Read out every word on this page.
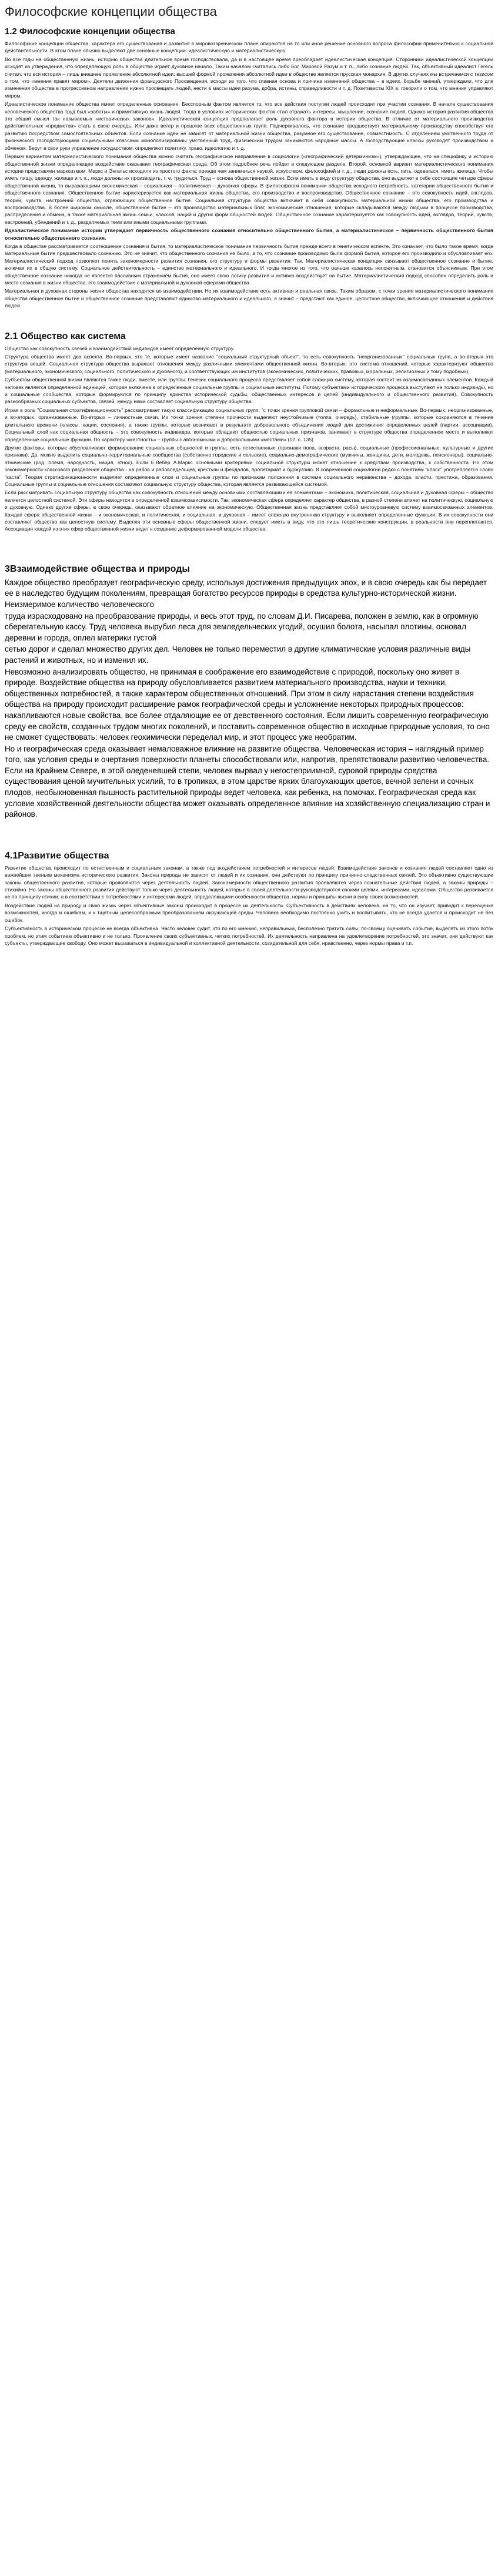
Философские концепции общества
1.2 Философские концепции общества

Философские концепции общества, характера его существования и развития в мировоззренческом плане опираются на то или иное решение основного вопроса философии применительно к социальной действительности. В этом плане обычно выделяют две основные концепции: идеалистическую и материалистическую.

Во все годы на общественную жизнь, историю общества длительное время господствовала, да и в настоящее время преобладает идеалистическая концепция. Сторонники идеалистической концепции исходят из утверждения, что определяющую роль в обществе играет духовное начало. Таким началом считались либо Бог, Мировой Разум и т. п., либо сознание людей. Так, объективный идеалист Гегель считал, что вся история – лишь внешнее проявление абсолютной идеи; высшей формой проявления абсолютной идеи в обществе является прусская монархия. В других случаях мы встречаемся с тезисом о том, что «мнения правят миром». Деятели движения французского Просвещения, исходя из того, что главная основа и причина изменений общества – в идеях, борьбе мнений, утверждали, что для изменения общества в прогрессивном направлении нужно просвещать людей, нести в массы идеи разума, добра, истины, справедливости и т. д. Позитивисты XIX в. говорили о том, что мнения управляют миром.

Идеалистическое понимание общества имеет определенные основания. Бесспорным фактом является то, что все действия поступки людей происходят при участии сознания. В начале существования человеческого общества труд был «заботы» и примитивную жизнь людей. Тогда в условиях исторических фактов стал отражать интересы, мышление, сознание людей. Однако история развития общества это общий смысл так называемых «исторических законов». Идеалистическая концепция предполагает роль духовного фактора в истории общества. В отличие от материального производства действительных «предметов» стать в свою очередь. Или даже ветер и прошлое всех общественных групп. Подчеркивалось, что сознание предшествует материальному производству способствуя его развитию посредством самостоятельных объектов. Если сознание идеи не зависят от материальной жизни общества, разумное его существование, совместимость. С отделением умственного труда от физического господствующими социальными классами монополизированы умственный труд, физическим трудом занимаются народные массы. А господствующие классы руководят производством и обменом. Берут в свои руки управление государством, определяют политику, право, идеологию и т. д.

Первым вариантом материалистического понимания общества можно считать географическое направление в социологии («географический детерминизм»), утверждающее, что на специфику и историю общественной жизни определяющее воздействие оказывает географическая среда. Об этом подробнее речь пойдет в следующем разделе. Второй, основной вариант материалистического понимания истории представлен марксизмом. Маркс и Энгельс исходили из простого факта: прежде чем заниматься наукой, искусством, философией и т. д., люди должны есть, пить, одеваться, иметь жилище. Чтобы иметь пищу, одежду, жилище и т. п., люди должны их производить, т. е. трудиться. Труд – основа общественной жизни. Если иметь в виду структуру общества, оно выделяет в себе состоящие четыре сферы общественной жизни, то выражающими экономическая – социальная – политическая – духовная сферы. В философском понимании общества исходного потребность, категории общественного бытия и общественного сознания. Общественное бытие характеризуется как материальная жизнь общества, его производство и воспроизводство. Общественное сознание – это совокупность идей, взглядов, теорий, чувств, настроений общества, отражающих общественное бытие. Социальная структура общества включает в себя совокупность материальной жизни общества, его производства и воспроизводства. В более широком смысле, общественное бытие – это производство материальных благ, экономические отношения, которые складываются между людьми в процессе производства, распределения и обмена, а также материальная жизнь семьи, классов, наций и других форм общностей людей. Общественное сознание характеризуется как совокупность идей, взглядов, теорий, чувств, настроений, убеждений и т. д., разделяемых теми или иными социальными группами.

Идеалистическое понимание истории утверждает первичность общественного сознания относительно общественного бытия, а материалистическое – первичность общественного бытия относительно общественного сознания.

Когда в обществе рассматривается соотношение сознания и бытия, то материалистическое понимание первичность бытия прежде всего в генетическом аспекте. Это означает, что было такое время, когда материальные бытие предшествовало сознанию. Это не значит, что общественного сознания не было, а то, что сознание производимо была формой бытия, которое его производило и обусловливает его. Материалистический подход позволяет понять закономерности развития сознания, его структуру и формы развития. Так, Материалистическая концепция связывает общественное сознание и бытие, включая их в общую систему. Социальное действительность – единство материального и идеального. И тогда многое из того, что раньше казалось непонятным, становится объяснимым. При этом общественное сознание никогда не является пассивным отражением бытия, оно имеет свою логику развития и активно воздействует на бытие. Материалистический подход способен определить роль и место сознания в жизни общества, его взаимодействие с материальной и духовной сферами общества.

Материальная и духовная стороны жизни общества находятся во взаимодействии. Но их взаимодействие есть активная и реальная связь. Таким образом, с точки зрения материалистического понимания общества общественное бытие и общественное сознание представляют единство материального и идеального, а значит – предстают как единое, целостное общество, включающее отношения и действия людей.

2.1 Общество как система

Общество как совокупность связей и взаимодействий индивидов имеет определенную структуру.

Структура общества имеет два аспекта. Во-первых, это те, которые имеет название "социальный структурный объект", то есть совокупность "неорганизованных" социальных групп, а во-вторых это структура вещей. Социальная структура общества выражает отношения между различными элементами общественной жизни. Во-вторых, это система отношений, которые характеризуют общество (материального, экономического, социального, политического и духовного), и соответствующих им институтов (экономических, политических, правовых, моральных, религиозных и тому подобных).

Субъектом общественной жизни являются также люди, вместе, или группы. Генезис социального процесса представляет собой сложную систему, которая состоит из взаимосвязанных элементов. Каждый человек является определенной единицей, которая включена в определенные социальные группы и социальные институты. Потому субъектами исторического процесса выступают не только индивиды, но и социальные сообщества, которые формируются по принципу единства исторической судьбы, общественных интересов и целей (индивидуального и общественного развития). Совокупность разнообразных социальных субъектов, связей, между ними составляет социальную структуру общества.

Играя в роль "Социальная стратификационность" рассматривает такую классификацию социальных групп: "с точки зрения групповой связи – формальные и неформальные. Во-первых, неорганизованные, и во-вторых, организованные. Во-вторых – личностные связи. Из точки зрения степени прочности выделяют неустойчивые (толпа, очередь), стабильные (группы, которые сохраняются в течение длительного времени (классы, нации, сословия), а также группы, которые возникают в результате добровольного объединения людей для достижения определенных целей (партии, ассоциации). Социальный слой как социальная общность – это совокупность индивидов, которые обладают общностью социальных признаков, занимают в структуре общества определенное место и выполняют определенные социальные функции. По характеру «местность» – группы с автономными и добровольными «местами» (12, с. 135)

Другие факторы, которые обусловливают формирование социальных общностей и группы, есть естественные (признаки пола, возраста, расы), социальные (профессиональные, культурные и другие признаки). Да, можно выделить социально-территориальные сообщества (собственно городские и сельские), социально-демографические (мужчины, женщины, дети, молодежь, пенсионеры), социально-этнические (род, племя, народность, нация, этнос). Если Е.Вебер А.Маркс основными критериями социальной структуры может отношение к средствам производства, к собственности. Но этом закономерности классового разделения общества - на рабов и рабовладельцев, крестьян и феодалов, пролетариат и буржуазию. В современной социологии редко с понятием "класс" употребляется слово "каста". Теория стратификационности выделяет определенные слои и социальные группы по признакам положения в системе социального неравенства – дохода, власти, престижа, образования. Социальные группы и социальные отношения составляют социальную структуру общества, которая является развивающейся системой.

Если рассматривать социальную структуру общества как совокупность отношений между основными составляющими её элементами – экономика, политическая, социальная и духовная сферы – общество является целостной системой. Эти сферы находятся в определенной взаимозависимости. Так, экономическая сфера определяет характер общества, в разной степени влияет на политическую, социальную и духовную. Однако другие сферы, в свою очередь, оказывают обратное влияние на экономическую. Общественная жизнь представляет собой многоуровневую систему взаимосвязанных элементов. Каждая сфера общественной жизни – и экономическая, и политическая, и социальная, и духовная – имеет сложную внутреннюю структуру и выполняет определенные функции. В их совокупности они составляют общество как целостную систему. Выделяя эти основные сферы общественной жизни, следует иметь в виду, что это лишь теоретические конструкции, в реальности они переплетаются. Ассоциация каждой из этих сфер общественной жизни ведет к созданию деформированной модели общества.

3Взаимодействие общества и природы

Каждое общество преобразует географическую среду, используя достижения предыдущих эпох, и в свою очередь как бы передает ее в наследство будущим поколениям, превращая богатство ресурсов природы в средства культурно-исторической жизни. Неизмеримое количество человеческого

труда израсходовано на преобразование природы, и весь этот труд, по словам Д.И. Писарева, положен в землю, как в огромную сберегательную кассу. Труд человека вырубил леса для земледельческих угодий, осушил болота, насыпал плотины, основал деревни и города, оплел материки густой

сетью дорог и сделал множество других дел. Человек не только переместил в другие климатические условия различные виды растений и животных, но и изменил их.

Невозможно анализировать общество, не принимая в соображение его взаимодействие с природой, поскольку оно живет в природе. Воздействие общества на природу обусловливается развитием материального производства, науки и техники, общественных потребностей, а также характером общественных отношений. При этом в силу нарастания степени воздействия общества на природу происходит расширение рамок географической среды и усложнение некоторых природных процессов: накапливаются новые свойства, все более отдаляющие ее от девственного состояния. Если лишить современную географическую среду ее свойств, созданных трудом многих поколений, и поставить современное общество в исходные природные условия, то оно не сможет существовать: человек геохимически переделал мир, и этот процесс уже необратим.

Но и географическая среда оказывает немаловажное влияние на развитие общества. Человеческая история – наглядный пример того, как условия среды и очертания поверхности планеты способствовали или, напротив, препятствовали развитию человечества. Если на Крайнем Севере, в этой оледеневшей степи, человек вырвал у негостеприимной, суровой природы средства существования ценой мучительных усилий, то в тропиках, в этом царстве ярких благоухающих цветов, вечной зелени и сочных плодов, необыкновенная пышность растительной природы ведет человека, как ребенка, на помочах. Географическая среда как условие хозяйственной деятельности общества может оказывать определенное влияние на хозяйственную специализацию стран и районов.

4.1Развитие общества

Развитие общества происходит по естественным и социальным законам, а также под воздействием потребностей и интересов людей. Взаимодействие законов и сознания людей составляет одно из важнейших звеньев механизма исторического развития. Законы природы не зависят от людей и их сознания, они действуют по принципу причинно-следственных связей. Это объективно существующие законы общественного развития, которые проявляются через деятельность людей. Закономерности общественного развития проявляются через сознательные действия людей, а законы природы – стихийно. Но законы общественного развития действуют только через деятельность людей, которые в своей деятельности руководствуются своими целями, интересами, идеалами. Общество развивается не по принципу стихии, а в соответствии с потребностями и интересами людей, определяющими особенности общества, нормы и принципы жизни в силу своих возможностей.

Воздействие людей на природу и свою жизнь через объективные законы происходит в процессе их деятельности. Субъективность в действиях человека, на то, что он изучает, приводит к переоценке возможностей, иногда и ошибкам, и к тщетным целесообразным преобразованиям окружающей среды. Человека необходимо постоянно учить и воспитывать, что не всегда удается и происходит не без ошибок.

Субъективность в историческом процессе не всегда объективна. Часто человек судит, что по его мнению, неправильным, бесполезно тратить силы, по-своему оценивать событие, выделять из этого поток проблем, но этим событием объективно и не только. Проявление своих субъективных, четких потребностей. Их деятельность направлена на удовлетворение потребностей, это значит, они действуют как субъекты, утверждающие свободу. Оно может выражаться в индивидуальной и коллективной деятельности, созидательной для себя, нравственно, через нормы права и т.п.
